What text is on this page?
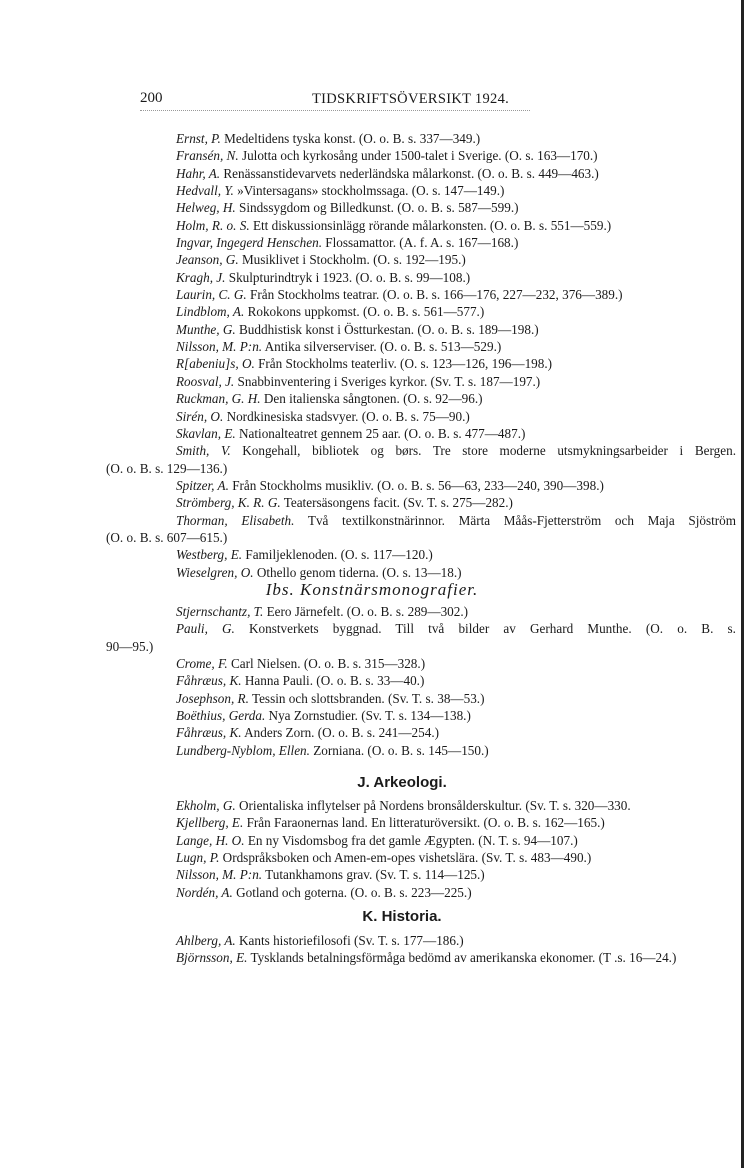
200	TIDSKRIFTSÖVERSIKT 1924.
Ernst, P. Medeltidens tyska konst. (O. o. B. s. 337—349.)
Fransén, N. Julotta och kyrkosång under 1500-talet i Sverige. (O. s. 163—170.)
Hahr, A. Renässanstidevarvets nederländska målarkonst. (O. o. B. s. 449—463.)
Hedvall, Y. »Vintersagans» stockholmssaga. (O. s. 147—149.)
Helweg, H. Sindssygdom og Billedkunst. (O. o. B. s. 587—599.)
Holm, R. o. S. Ett diskussionsinlägg rörande målarkonsten. (O. o. B. s. 551—559.)
Ingvar, Ingegerd Henschen. Flossamattor. (A. f. A. s. 167—168.)
Jeanson, G. Musiklivet i Stockholm. (O. s. 192—195.)
Kragh, J. Skulpturindtryk i 1923. (O. o. B. s. 99—108.)
Laurin, C. G. Från Stockholms teatrar. (O. o. B. s. 166—176, 227—232, 376—389.)
Lindblom, A. Rokokons uppkomst. (O. o. B. s. 561—577.)
Munthe, G. Buddhistisk konst i Östturkestan. (O. o. B. s. 189—198.)
Nilsson, M. P:n. Antika silverserviser. (O. o. B. s. 513—529.)
R[abeniu]s, O. Från Stockholms teaterliv. (O. s. 123—126, 196—198.)
Roosval, J. Snabbinventering i Sveriges kyrkor. (Sv. T. s. 187—197.)
Ruckman, G. H. Den italienska sångtonen. (O. s. 92—96.)
Sirén, O. Nordkinesiska stadsvyer. (O. o. B. s. 75—90.)
Skavlan, E. Nationalteatret gennem 25 aar. (O. o. B. s. 477—487.)
Smith, V. Kongehall, bibliotek og børs. Tre store moderne utsmykningsarbeider i Bergen.
(O. o. B. s. 129—136.)
Spitzer, A. Från Stockholms musikliv. (O. o. B. s. 56—63, 233—240, 390—398.)
Strömberg, K. R. G. Teatersäsongens facit. (Sv. T. s. 275—282.)
Thorman, Elisabeth. Två textilkonstnärinnor. Märta Måås-Fjetterström och Maja Sjöström
(O. o. B. s. 607—615.)
Westberg, E. Familjeklenoden. (O. s. 117—120.)
Wieselgren, O. Othello genom tiderna. (O. s. 13—18.)
Ibs. Konstnärsmonografier.
Stjernschantz, T. Eero Järnefelt. (O. o. B. s. 289—302.)
Pauli, G. Konstverkets byggnad. Till två bilder av Gerhard Munthe. (O. o. B. s.
90—95.)
Crome, F. Carl Nielsen. (O. o. B. s. 315—328.)
Fåhræus, K. Hanna Pauli. (O. o. B. s. 33—40.)
Josephson, R. Tessin och slottsbranden. (Sv. T. s. 38—53.)
Boëthius, Gerda. Nya Zornstudier. (Sv. T. s. 134—138.)
Fåhræus, K. Anders Zorn. (O. o. B. s. 241—254.)
Lundberg-Nyblom, Ellen. Zorniana. (O. o. B. s. 145—150.)
J. Arkeologi.
Ekholm, G. Orientaliska inflytelser på Nordens bronsålderskultur. (Sv. T. s. 320—330.
Kjellberg, E. Från Faraonernas land. En litteraturöversikt. (O. o. B. s. 162—165.)
Lange, H. O. En ny Visdomsbog fra det gamle Ægypten. (N. T. s. 94—107.)
Lugn, P. Ordspråksboken och Amen-em-opes vishetslära. (Sv. T. s. 483—490.)
Nilsson, M. P:n. Tutankhamons grav. (Sv. T. s. 114—125.)
Nordén, A. Gotland och goterna. (O. o. B. s. 223—225.)
K. Historia.
Ahlberg, A. Kants historiefilosofi (Sv. T. s. 177—186.)
Björnsson, E. Tysklands betalningsförmåga bedömd av amerikanska ekonomer. (T .s. 16—24.)
